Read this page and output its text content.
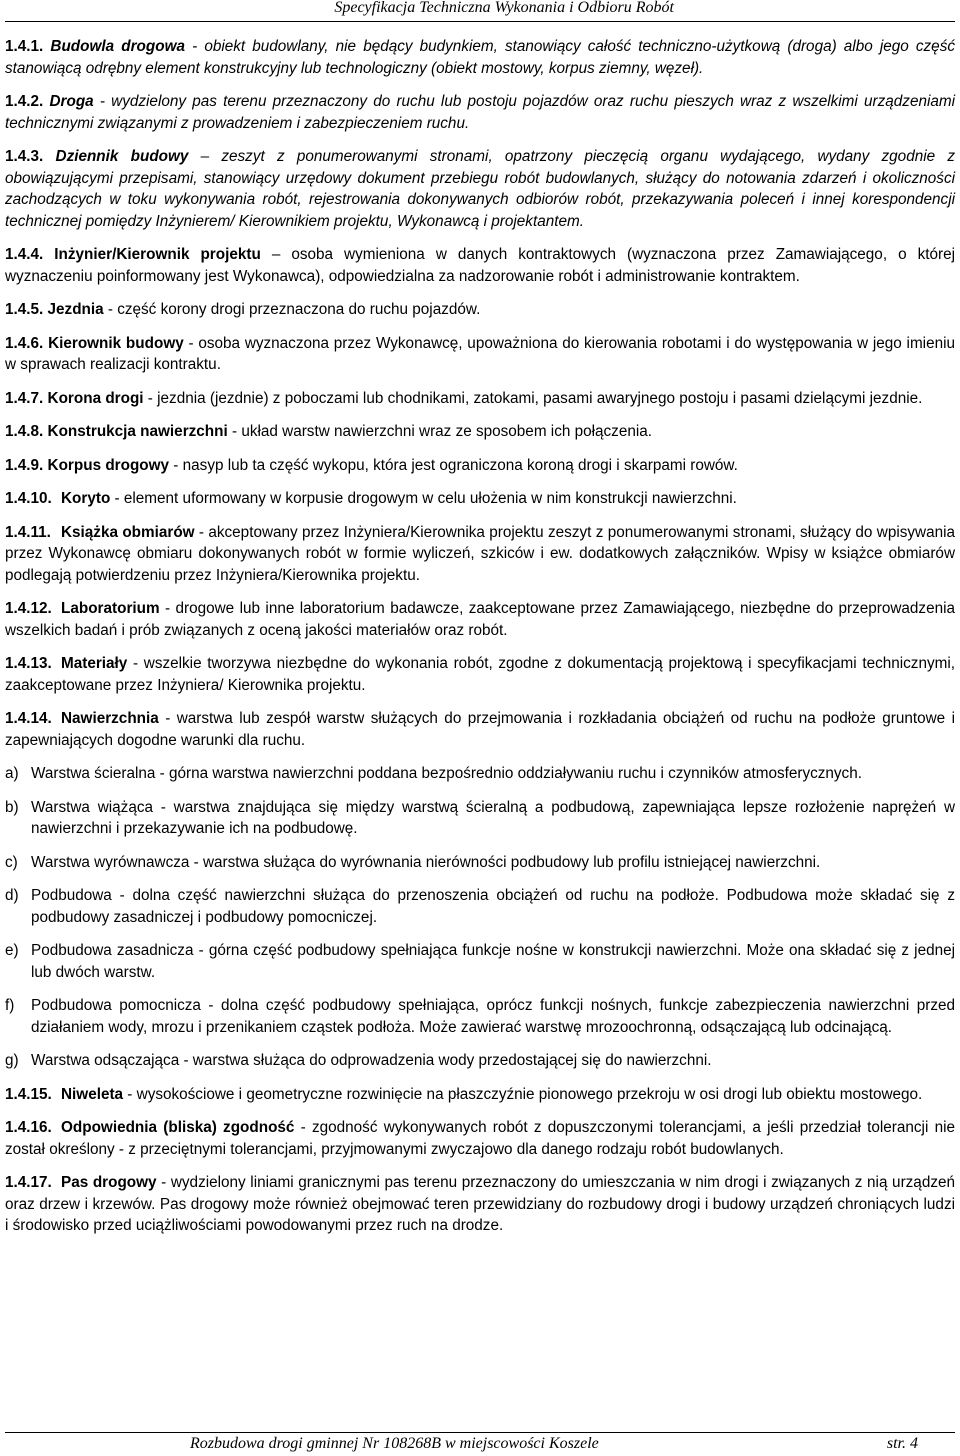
Specyfikacja Techniczna Wykonania i Odbioru Robót

1.4.1. Budowla drogowa - obiekt budowlany, nie będący budynkiem, stanowiący całość techniczno-użytkową (droga) albo jego część stanowiącą odrębny element konstrukcyjny lub technologiczny (obiekt mostowy, korpus ziemny, węzeł).

1.4.2. Droga - wydzielony pas terenu przeznaczony do ruchu lub postoju pojazdów oraz ruchu pieszych wraz z wszelkimi urządzeniami technicznymi związanymi z prowadzeniem i zabezpieczeniem ruchu.

1.4.3. Dziennik budowy – zeszyt z ponumerowanymi stronami, opatrzony pieczęcią organu wydającego, wydany zgodnie z obowiązującymi przepisami, stanowiący urzędowy dokument przebiegu robót budowlanych, służący do notowania zdarzeń i okoliczności zachodzących w toku wykonywania robót, rejestrowania dokonywanych odbiorów robót, przekazywania poleceń i innej korespondencji technicznej pomiędzy Inżynierem/ Kierownikiem projektu, Wykonawcą i projektantem.

1.4.4. Inżynier/Kierownik projektu – osoba wymieniona w danych kontraktowych (wyznaczona przez Zamawiającego, o której wyznaczeniu poinformowany jest Wykonawca), odpowiedzialna za nadzorowanie robót i administrowanie kontraktem.

1.4.5. Jezdnia - część korony drogi przeznaczona do ruchu pojazdów.

1.4.6. Kierownik budowy - osoba wyznaczona przez Wykonawcę, upoważniona do kierowania robotami i do występowania w jego imieniu w sprawach realizacji kontraktu.

1.4.7. Korona drogi - jezdnia (jezdnie) z poboczami lub chodnikami, zatokami, pasami awaryjnego postoju i pasami dzielącymi jezdnie.

1.4.8. Konstrukcja nawierzchni - układ warstw nawierzchni wraz ze sposobem ich połączenia.

1.4.9. Korpus drogowy - nasyp lub ta część wykopu, która jest ograniczona koroną drogi i skarpami rowów.

1.4.10. Koryto - element uformowany w korpusie drogowym w celu ułożenia w nim konstrukcji nawierzchni.

1.4.11. Książka obmiarów - akceptowany przez Inżyniera/Kierownika projektu zeszyt z ponumerowanymi stronami, służący do wpisywania przez Wykonawcę obmiaru dokonywanych robót w formie wyliczeń, szkiców i ew. dodatkowych załączników. Wpisy w książce obmiarów podlegają potwierdzeniu przez Inżyniera/Kierownika projektu.

1.4.12. Laboratorium - drogowe lub inne laboratorium badawcze, zaakceptowane przez Zamawiającego, niezbędne do przeprowadzenia wszelkich badań i prób związanych z oceną jakości materiałów oraz robót.

1.4.13. Materiały - wszelkie tworzywa niezbędne do wykonania robót, zgodne z dokumentacją projektową i specyfikacjami technicznymi, zaakceptowane przez Inżyniera/ Kierownika projektu.

1.4.14. Nawierzchnia - warstwa lub zespół warstw służących do przejmowania i rozkładania obciążeń od ruchu na podłoże gruntowe i zapewniających dogodne warunki dla ruchu.

a) Warstwa ścieralna - górna warstwa nawierzchni poddana bezpośrednio oddziaływaniu ruchu i czynników atmosferycznych.
b) Warstwa wiążąca - warstwa znajdująca się między warstwą ścieralną a podbudową, zapewniająca lepsze rozłożenie naprężeń w nawierzchni i przekazywanie ich na podbudowę.
c) Warstwa wyrównawcza - warstwa służąca do wyrównania nierówności podbudowy lub profilu istniejącej nawierzchni.
d) Podbudowa - dolna część nawierzchni służąca do przenoszenia obciążeń od ruchu na podłoże. Podbudowa może składać się z podbudowy zasadniczej i podbudowy pomocniczej.
e) Podbudowa zasadnicza - górna część podbudowy spełniająca funkcje nośne w konstrukcji nawierzchni. Może ona składać się z jednej lub dwóch warstw.
f)	Podbudowa pomocnicza - dolna część podbudowy spełniająca, oprócz funkcji nośnych, funkcje zabezpieczenia nawierzchni przed działaniem wody, mrozu i przenikaniem cząstek podłoża. Może zawierać warstwę mrozoochronną, odsączającą lub odcinającą.
g) Warstwa odsączająca - warstwa służąca do odprowadzenia wody przedostającej się do nawierzchni.

1.4.15. Niweleta - wysokościowe i geometryczne rozwinięcie na płaszczyźnie pionowego przekroju w osi drogi lub obiektu mostowego.

1.4.16. Odpowiednia (bliska) zgodność - zgodność wykonywanych robót z dopuszczonymi tolerancjami, a jeśli przedział tolerancji nie został określony - z przeciętnymi tolerancjami, przyjmowanymi zwyczajowo dla danego rodzaju robót budowlanych.

1.4.17. Pas drogowy - wydzielony liniami granicznymi pas terenu przeznaczony do umieszczania w nim drogi i związanych z nią urządzeń oraz drzew i krzewów. Pas drogowy może również obejmować teren przewidziany do rozbudowy drogi i budowy urządzeń chroniących ludzi i środowisko przed uciążliwościami powodowanymi przez ruch na drodze.

Rozbudowa drogi gminnej Nr 108268B w miejscowości Koszele	str. 4
